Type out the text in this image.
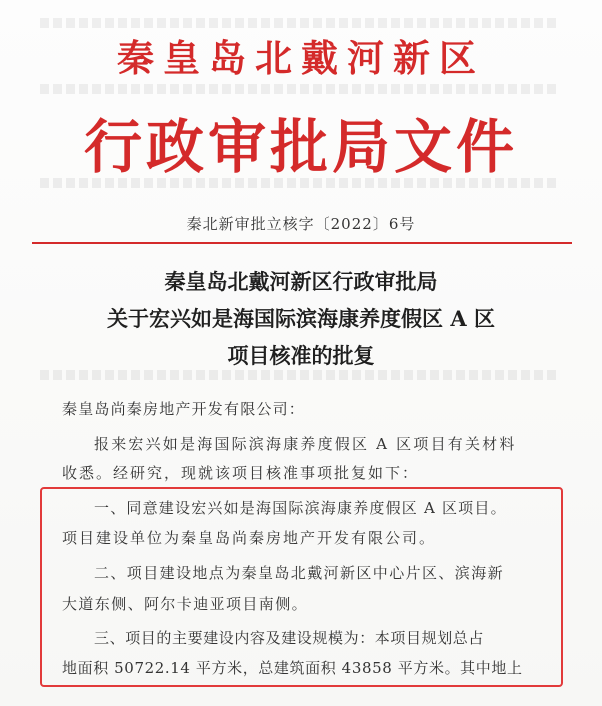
秦皇岛北戴河新区
行政审批局文件
秦北新审批立核字〔2022〕6号
秦皇岛北戴河新区行政审批局
关于宏兴如是海国际滨海康养度假区 A 区
项目核准的批复
秦皇岛尚秦房地产开发有限公司：
报来宏兴如是海国际滨海康养度假区 A 区项目有关材料
收悉。经研究，现就该项目核准事项批复如下：
一、同意建设宏兴如是海国际滨海康养度假区 A 区项目。
项目建设单位为秦皇岛尚秦房地产开发有限公司。
二、项目建设地点为秦皇岛北戴河新区中心片区、滨海新
大道东侧、阿尔卡迪亚项目南侧。
三、项目的主要建设内容及建设规模为：本项目规划总占
地面积 50722.14 平方米，总建筑面积 43858 平方米。其中地上
